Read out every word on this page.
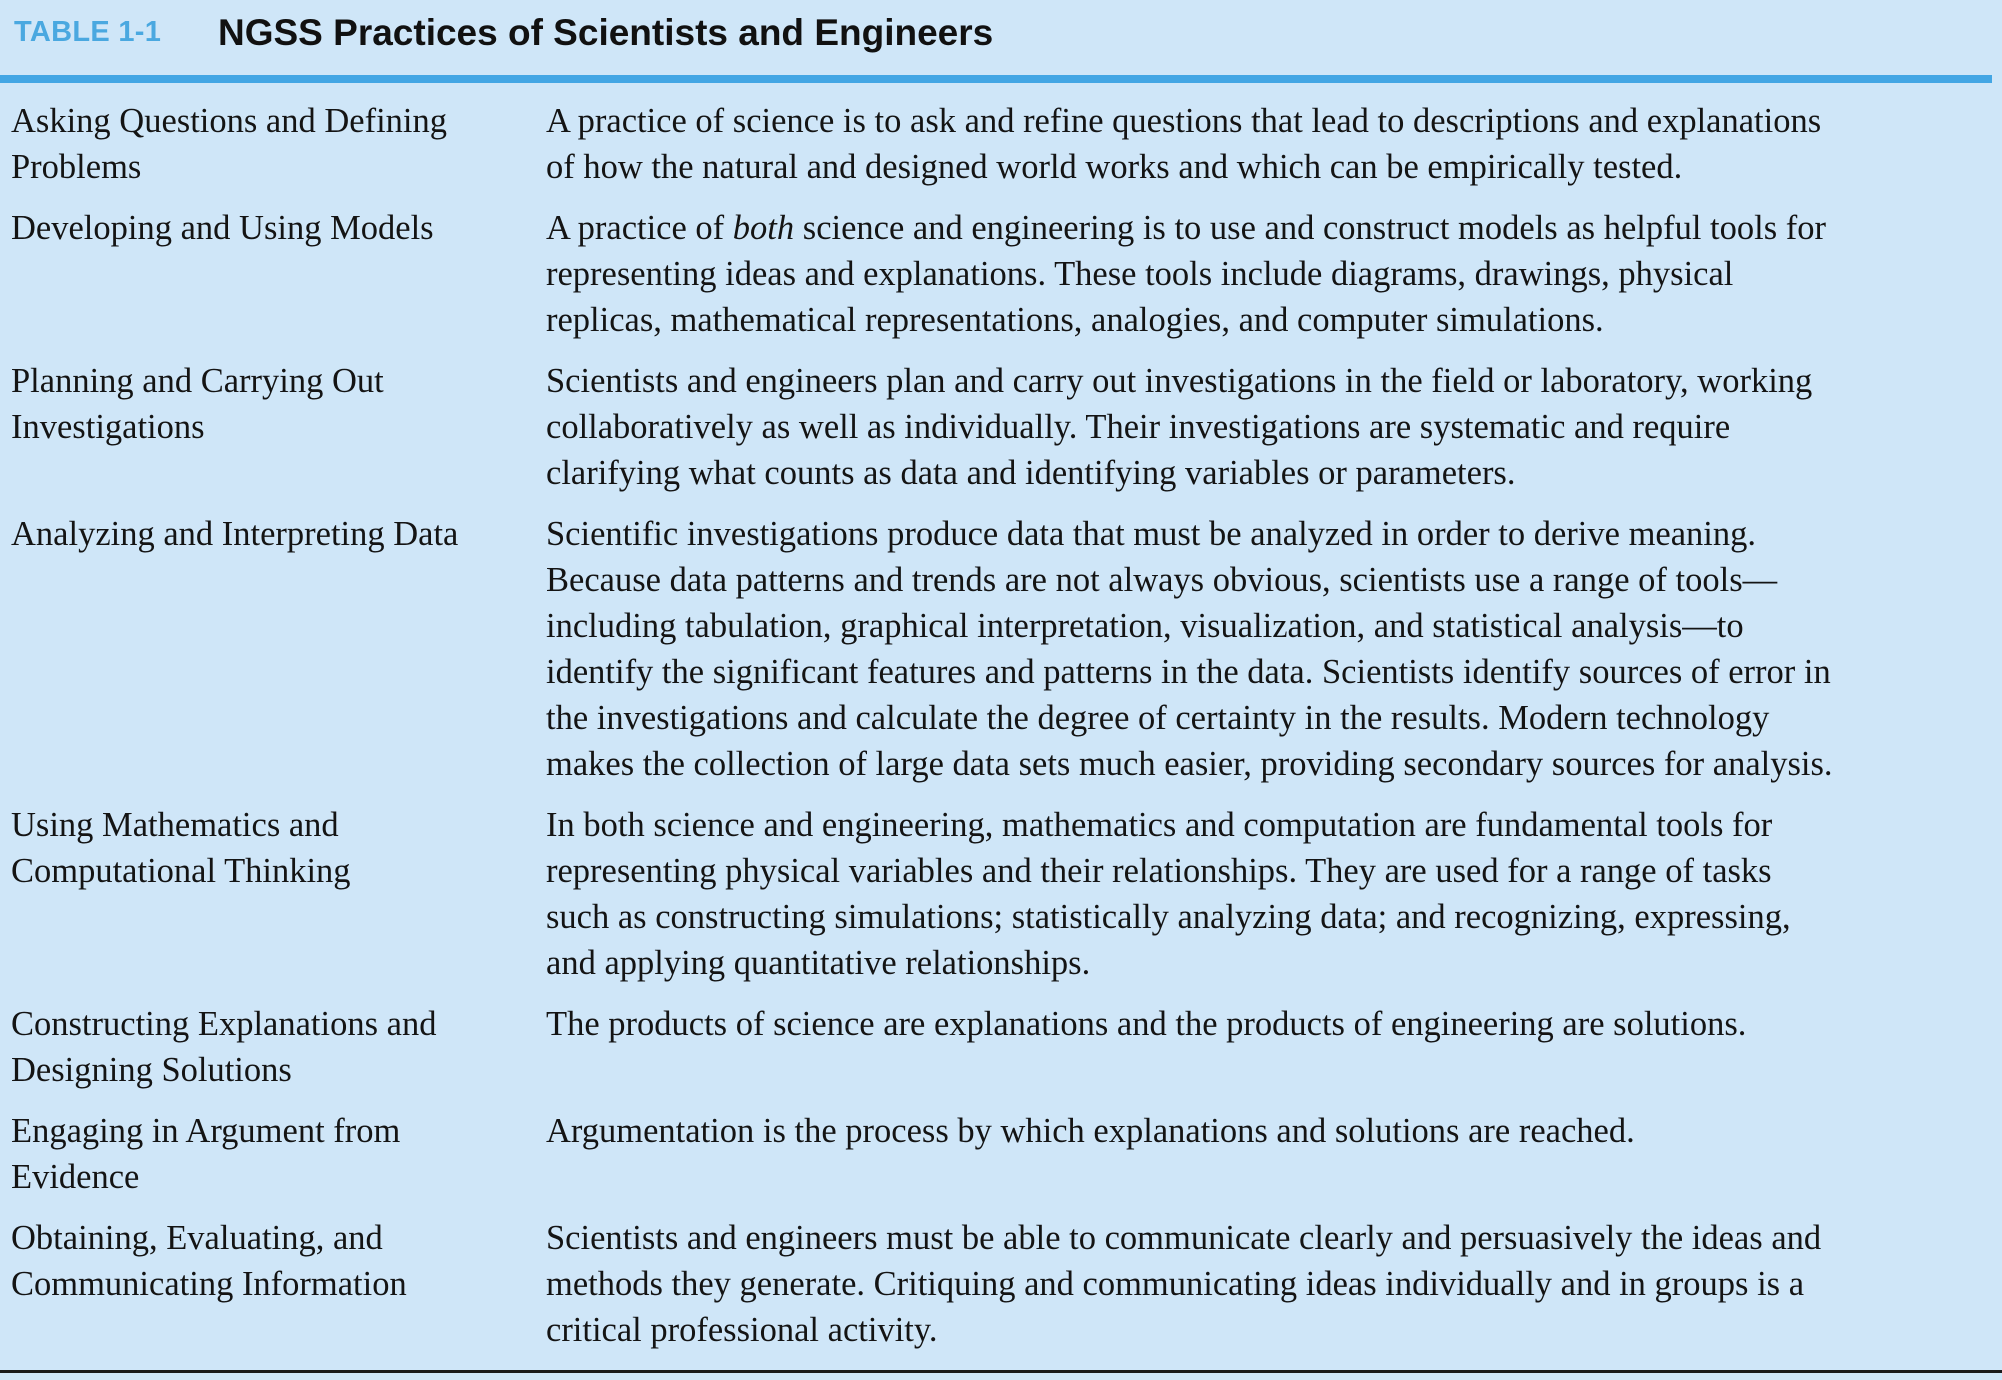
TABLE 1-1 NGSS Practices of Scientists and Engineers
Asking Questions and Defining
Problems
A practice of science is to ask and refine questions that lead to descriptions and explanations
of how the natural and designed world works and which can be empirically tested.
Developing and Using Models	A practice of both science and engineering is to use and construct models as helpful tools for
representing ideas and explanations. These tools include diagrams, drawings, physical
replicas, mathematical representations, analogies, and computer simulations.
Planning and Carrying Out
Investigations
Scientists and engineers plan and carry out investigations in the field or laboratory, working
collaboratively as well as individually. Their investigations are systematic and require
clarifying what counts as data and identifying variables or parameters.
Analyzing and Interpreting Data	Scientific investigations produce data that must be analyzed in order to derive meaning.
Because data patterns and trends are not always obvious, scientists use a range of tools—
including tabulation, graphical interpretation, visualization, and statistical analysis—to
identify the significant features and patterns in the data. Scientists identify sources of error in
the investigations and calculate the degree of certainty in the results. Modern technology
makes the collection of large data sets much easier, providing secondary sources for analysis.
Using Mathematics and
Computational Thinking
In both science and engineering, mathematics and computation are fundamental tools for
representing physical variables and their relationships. They are used for a range of tasks
such as constructing simulations; statistically analyzing data; and recognizing, expressing,
and applying quantitative relationships.
Constructing Explanations and
Designing Solutions
The products of science are explanations and the products of engineering are solutions.
Engaging in Argument from
Evidence
Argumentation is the process by which explanations and solutions are reached.
Obtaining, Evaluating, and
Communicating Information
Scientists and engineers must be able to communicate clearly and persuasively the ideas and
methods they generate. Critiquing and communicating ideas individually and in groups is a
critical professional activity.
